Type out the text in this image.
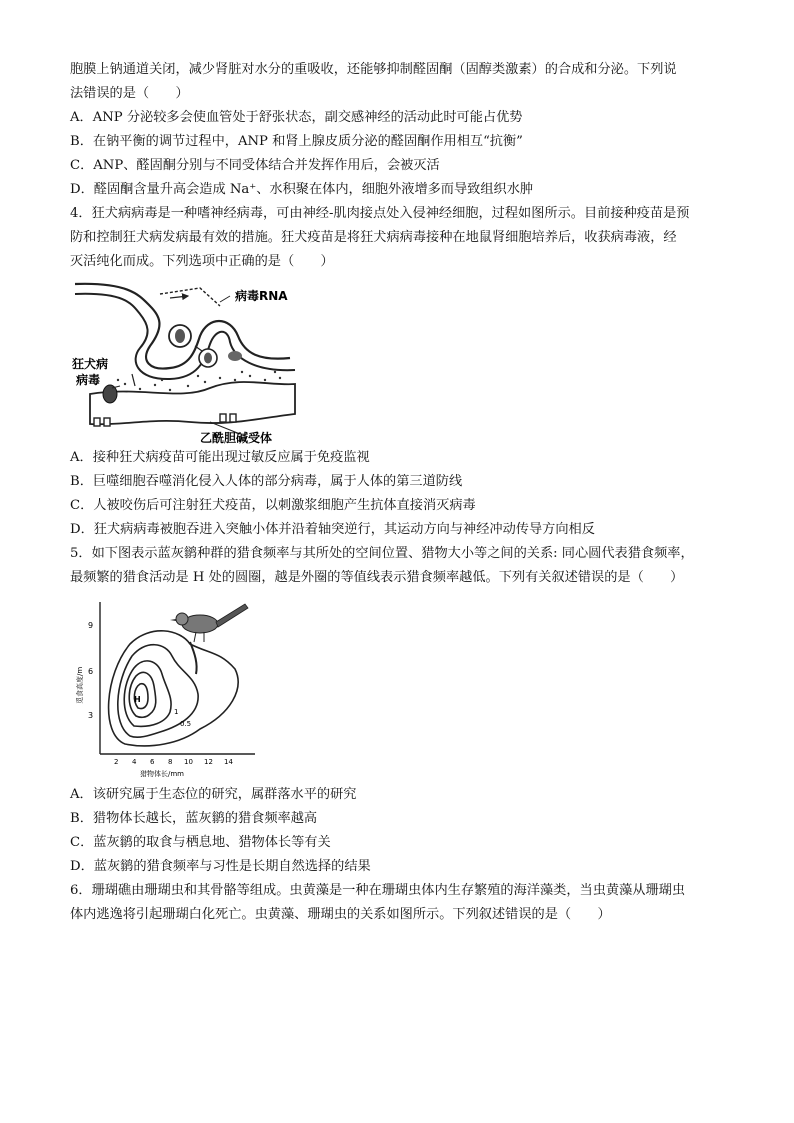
胞膜上钠通道关闭，减少肾脏对水分的重吸收，还能够抑制醛固酮（固醇类激素）的合成和分泌。下列说

法错误的是（　　）

A．ANP 分泌较多会使血管处于舒张状态，副交感神经的活动此时可能占优势

B．在钠平衡的调节过程中，ANP 和肾上腺皮质分泌的醛固酮作用相互“抗衡”

C．ANP、醛固酮分别与不同受体结合并发挥作用后，会被灭活

D．醛固酮含量升高会造成 Na⁺、水积聚在体内，细胞外液增多而导致组织水肿

4．狂犬病病毒是一种嗜神经病毒，可由神经-肌肉接点处入侵神经细胞，过程如图所示。目前接种疫苗是预

防和控制狂犬病发病最有效的措施。狂犬疫苗是将狂犬病病毒接种在地鼠肾细胞培养后，收获病毒液，经

灭活纯化而成。下列选项中正确的是（　　）

病毒RNA
狂犬病
病毒
乙酰胆碱受体

A．接种狂犬病疫苗可能出现过敏反应属于免疫监视

B．巨噬细胞吞噬消化侵入人体的部分病毒，属于人体的第三道防线

C．人被咬伤后可注射狂犬疫苗，以刺激浆细胞产生抗体直接消灭病毒

D．狂犬病病毒被胞吞进入突触小体并沿着轴突逆行，其运动方向与神经冲动传导方向相反

5．如下图表示蓝灰鹟种群的猎食频率与其所处的空间位置、猎物大小等之间的关系: 同心圆代表猎食频率，

最频繁的猎食活动是 H 处的圆圈，越是外圈的等值线表示猎食频率越低。下列有关叙述错误的是（　　）

9
6
3
觅食高度/m
2 4 6 8 10 12 14
猎物体长/mm
H
1
0.5

A．该研究属于生态位的研究，属群落水平的研究

B．猎物体长越长，蓝灰鹟的猎食频率越高

C．蓝灰鹟的取食与栖息地、猎物体长等有关

D．蓝灰鹟的猎食频率与习性是长期自然选择的结果

6．珊瑚礁由珊瑚虫和其骨骼等组成。虫黄藻是一种在珊瑚虫体内生存繁殖的海洋藻类，当虫黄藻从珊瑚虫

体内逃逸将引起珊瑚白化死亡。虫黄藻、珊瑚虫的关系如图所示。下列叙述错误的是（　　）
